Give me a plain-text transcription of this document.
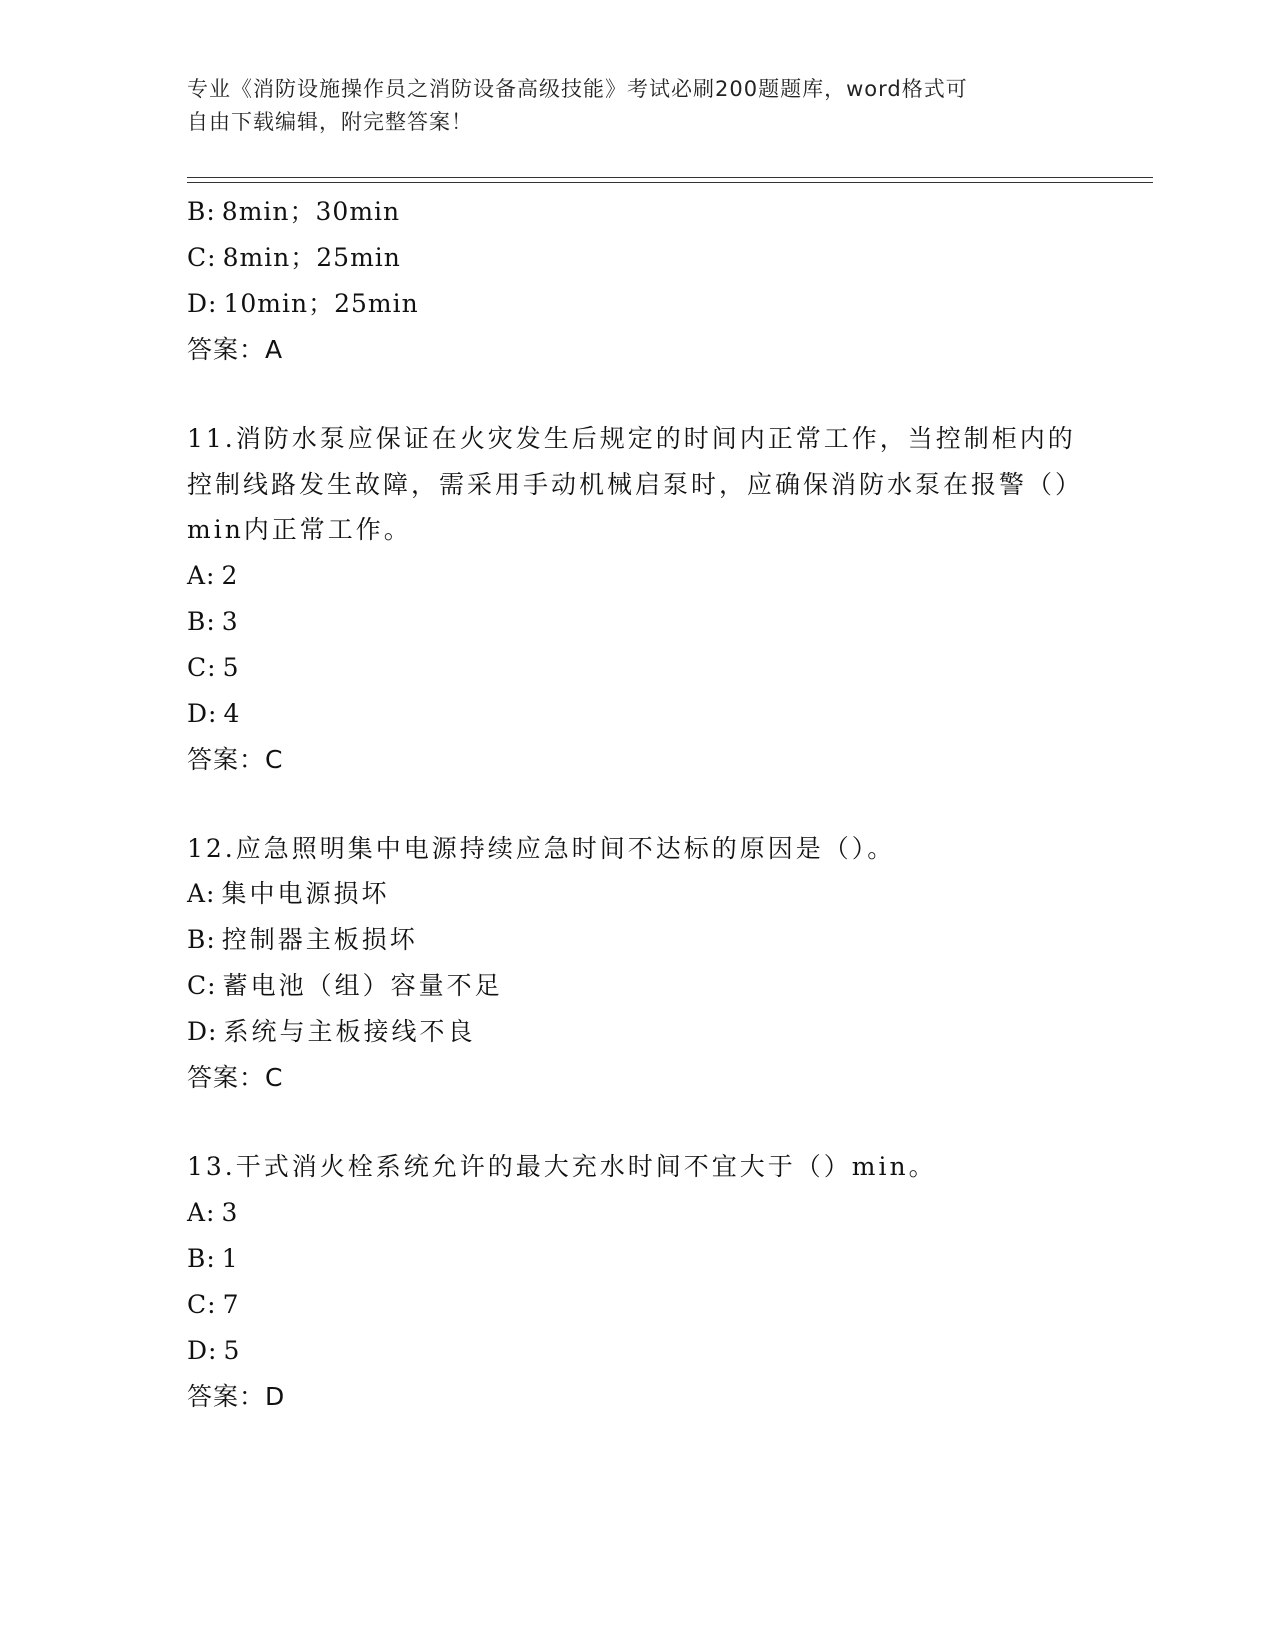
专业《消防设施操作员之消防设备高级技能》考试必刷200题题库，word格式可
自由下载编辑，附完整答案！
B:  8min；30min
C:  8min；25min
D:  10min；25min
答案：A
11.消防水泵应保证在火灾发生后规定的时间内正常工作，当控制柜内的控制线路发生故障，需采用手动机械启泵时，应确保消防水泵在报警（）min内正常工作。
A:  2
B:  3
C:  5
D:  4
答案：C
12.应急照明集中电源持续应急时间不达标的原因是（）。
A:  集中电源损坏
B:  控制器主板损坏
C:  蓄电池（组）容量不足
D:  系统与主板接线不良
答案：C
13.干式消火栓系统允许的最大充水时间不宜大于（）min。
A:  3
B:  1
C:  7
D:  5
答案：D
